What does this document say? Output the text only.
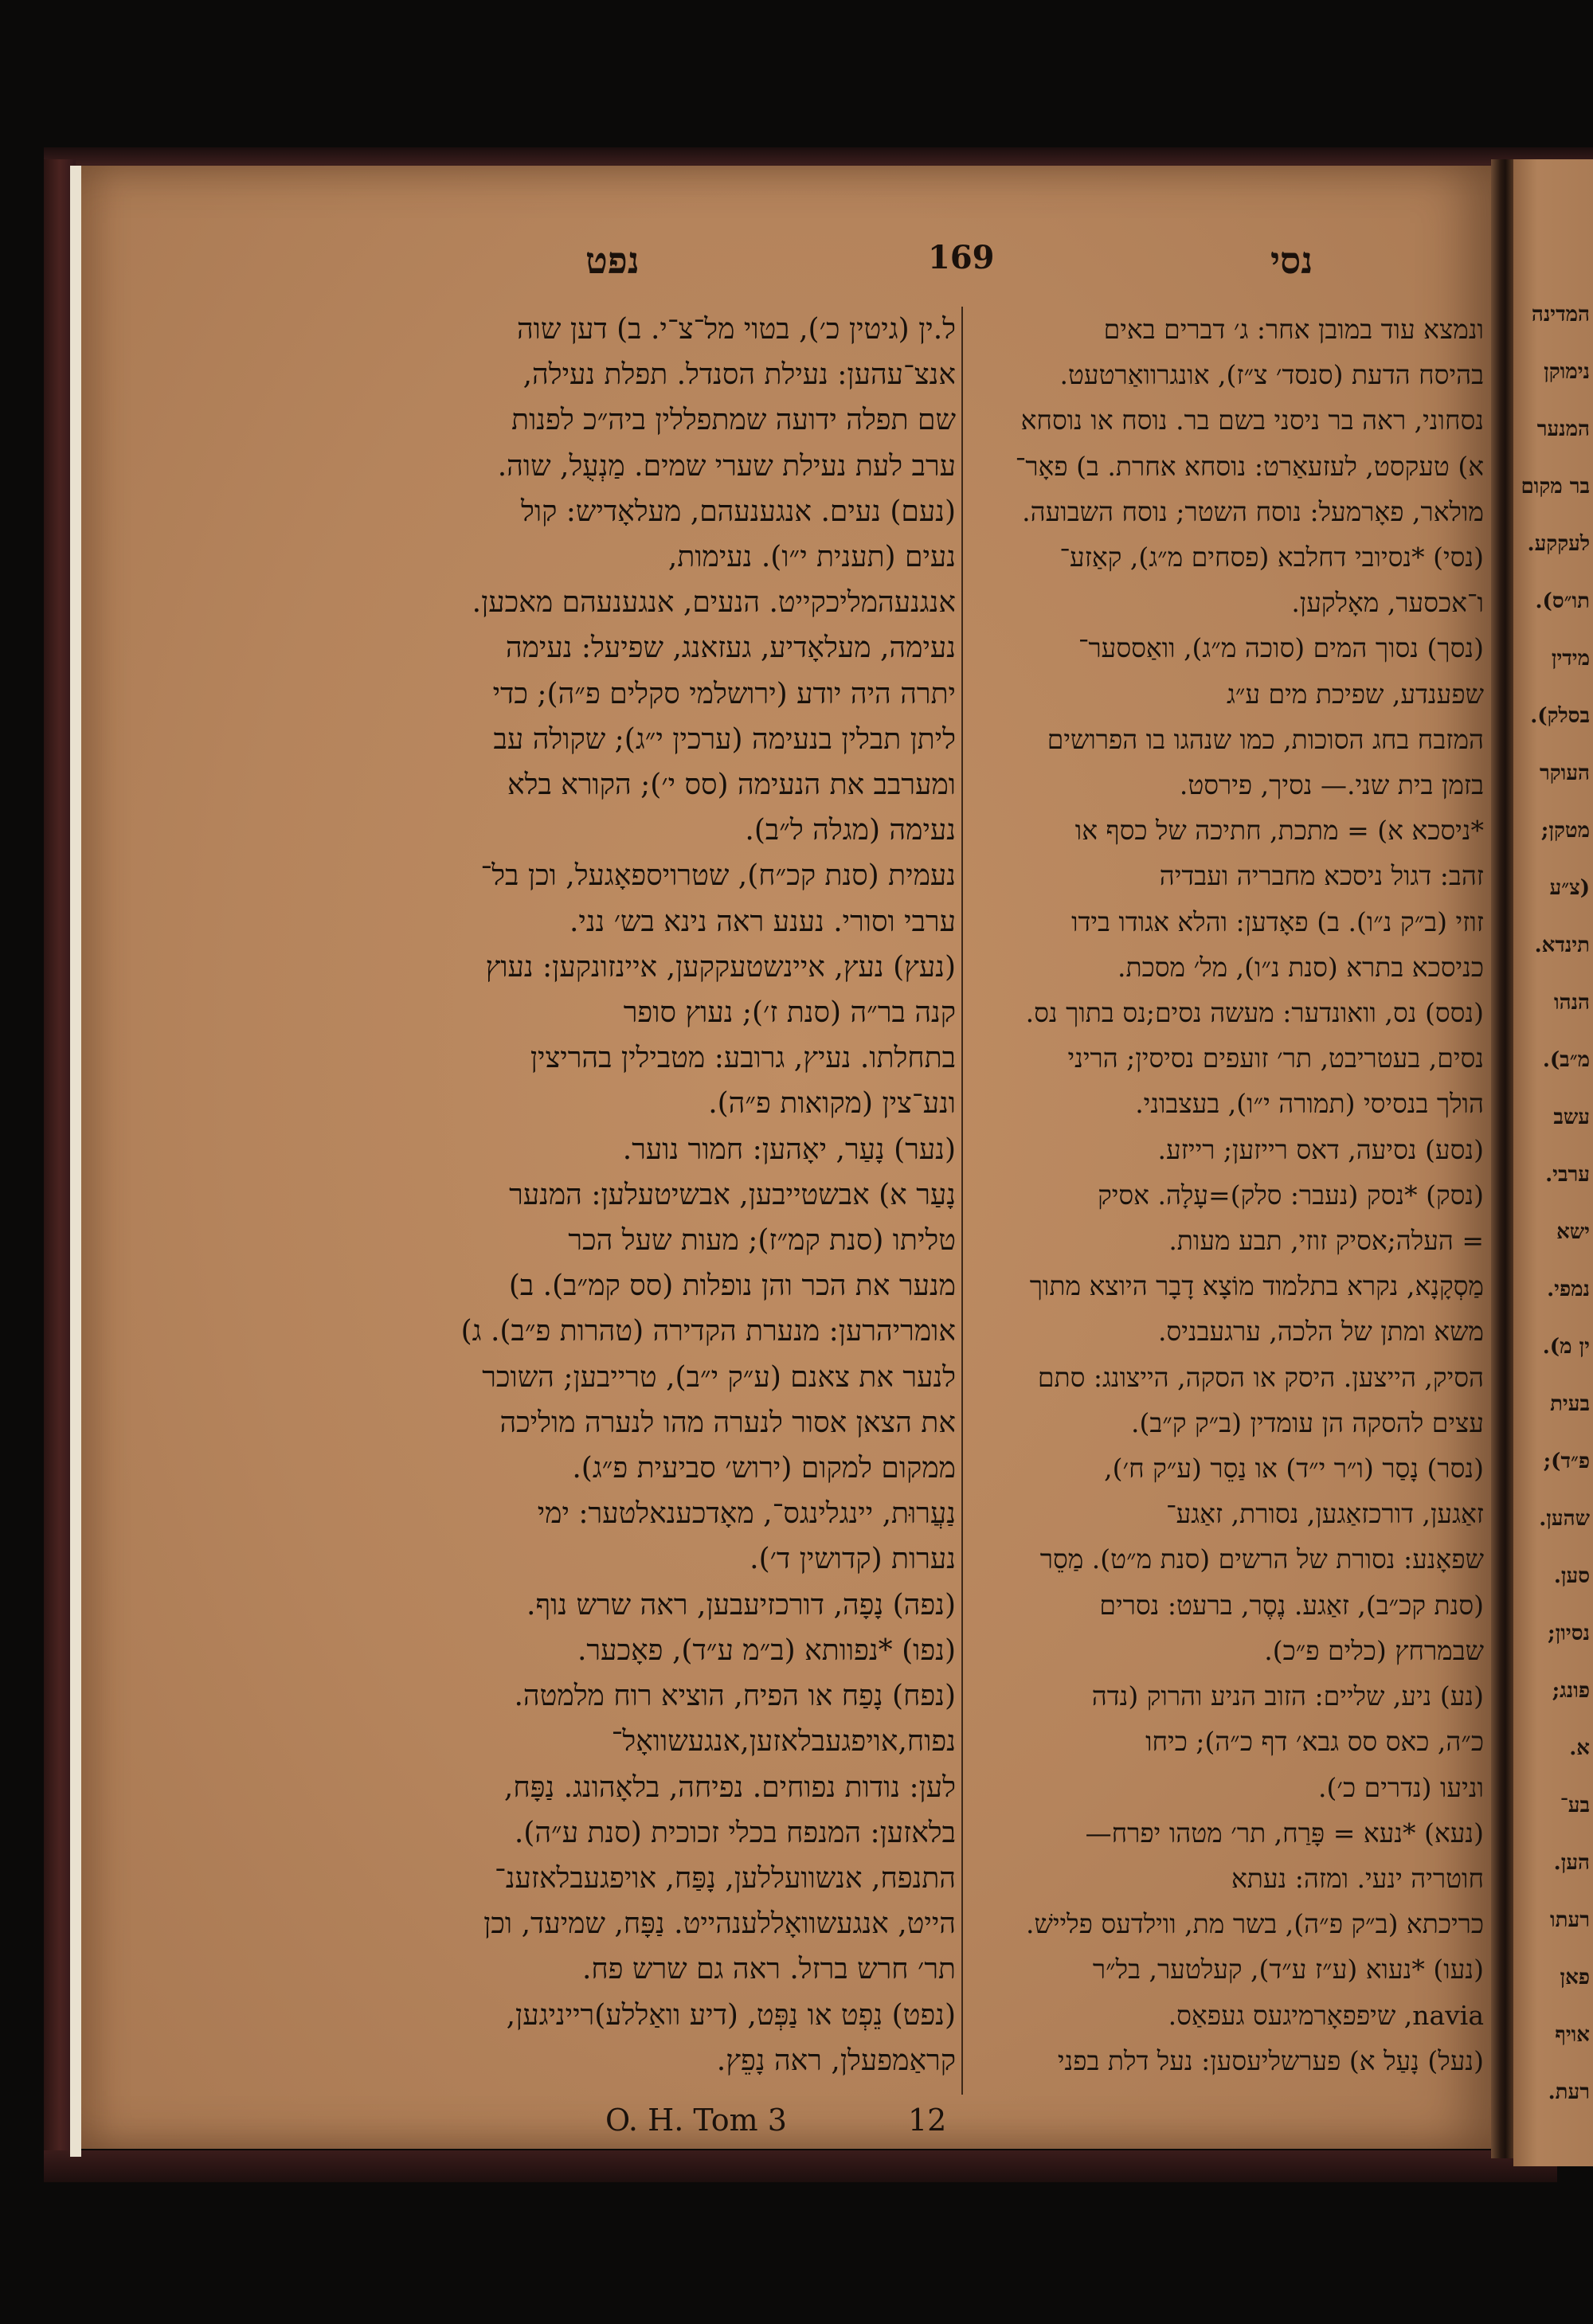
נפט	169	נסי

ל.ין (גיטין כ׳), בטוי מל־צ־י. ב) דען שוה

אנצ־עהען: נעילת הסנדל. תפלת נעילה,

שם תפלה ידועה שמתפללין ביה״כ לפנות

ערב לעת נעילת שערי שמים. מַנְעֻל, שוה.

(נעם) נעים. אנגענעהם, מעלאָדיש: קול

נעים (תענית י״ו). נעימות,

אנגנעהמליכקייט. הנעים, אנגענעהם מאכען.

נעימה, מעלאָדיע, געזאנג, שפיעל: נעימה

יתרה היה יודע (ירושלמי סקלים פ״ה); כדי

ליתן תבלין בנעימה (ערכין י״ג); שקולה עב

ומערבב את הנעימה (סס י׳); הקורא בלא

נעימה (מגלה ל״ב).

נעמית (סנת קכ״ח), שטרויספאָגעל, וכן בל־

ערבי וסורי. נענע ראה נינא בש׳ נני.

(נעץ) נעץ, איינשטעקקען, איינזונקען: נעוץ

קנה בר״ה (סנת ז׳); נעוץ סופר

בתחלתו. נעיץ, גרובע: מטבילין בהריצין

ונע־צין (מקואות פ״ה).

(נער) נָעַר, יאָהען: חמור נוער.

נָעַר א) אבשטייבען, אבשיטעלען: המנער

טליתו (סנת קמ״ז); מעות שעל הכר

מנער את הכר והן נופלות (סס קמ״ב). ב)

אומריהרען: מנערת הקדירה (טהרות פ״ב). ג)

לנער את צאנם (ע״ק י״ב), טרייבען; השוכר

את הצאן אסור לנערה מהו לנערה מוליכה

ממקום למקום (ירוש׳ סביעית פ״ג).

נַעֲרוּת, יינגלינגס־, מאָדכענאלטער: ימי

נערות (קדושין ד׳).

(נפה) נָפָה, דורכזיעבען, ראה שרש נוף.

(נפו) *נפוותא (ב״מ ע״ד), פאָכער.

(נפח) נָפַח או הפיח, הוציא רוח מלמטה.

נפוח,אויפגעבלאזען,אנגעשוואָל־

לען: נודות נפוחים. נפיחה, בלאָהונג. נַפָּח,

בלאזען: המנפח בכלי זכוכית (סנת ע״ה).

התנפח, אנשוועללען, נָפַּח, אויפגעבלאזענ־

הייט, אנגעשוואָללענהייט. נַפָּח, שמיעד, וכן

תר׳ חרש ברזל. ראה גם שרש פח.

(נפט) נֵפְט או נַפְּט, (דיע וואַללע)רייניגען,

קראַמפעלן, ראה נָפֵץ.

ונמצא עוד במובן אחר: ג׳ דברים באים

בהיסח הדעת (סנסד׳ צ״ז), אונגרוואַרטעט.

נסחוני, ראה בר ניסני בשם בר. נוסח או נוסחא

א) טעקסט, לעזעאַרט: נוסחא אחרת. ב) פאָר־

מולאר, פאָרמעל: נוסח השטר; נוסח השבועה.

(נסי) *נסיובי דחלבא (פסחים מ״ג), קאַזע־

ו־אכסער, מאָלקען.

(נסך) נסוך המים (סוכה מ״ג), וואַססער־

שפענדע, שפיכת מים ע״ג

המזבח בחג הסוכות, כמו שנהגו בו הפרושים

בזמן בית שני.— נסיך, פירסט.

*ניסכא א) = מתכת, חתיכה של כסף או

זהב: דגול ניסכא מחבריה ועבדיה

זוזי (ב״ק נ״ו). ב) פאָדען: והלא אגודו בידו

כניסכא בתרא (סנת נ״ו), מל׳ מסכת.

(נסס) נס, וואונדער: מעשה נסים;נס בתוך נס.

נסים, בעטריבט, תר׳ זועפים נסיסין; הריני

הולך בנסיסי (תמורה י״ו), בעצבוני.

(נסע) נסיעה, דאס רייזען; רייזע.

(נסק) *נסק (נעבר: סלק)=עָלָה. אסיק

= העלה;אסיק זוזי, תבע מעות.

מַסְקָנָא, נקרא בתלמוד מוֹצָא דָבָר היוצא מתוך

משא ומתן של הלכה, ערגעבניס.

הסיק, הייצען. היסק או הסקה, הייצונג: סתם

עצים להסקה הן עומדין (ב״ק ק״ב).

(נסר) נָסַר (ו״ר י״ד) או נַסֵר (ע״ק ח׳),

זאַגען, דורכזאַגען, נסורת, זאַגע־

שפאָנע: נסורת של הרשים (סנת מ״ט). מַסֵר

(סנת קכ״ב), זאַגע. נֶסֶר, ברעט: נסרים

שבמרחץ (כלים פ״כ).

(נע) ניע, שליים: הזוב הניע והרוק (נדה

כ״ה, כאס סס גבא׳ דף כ״ה); כיחו

וניעו (נדרים כ׳).

(נעא) *נעא = פָּרַח, תר׳ מטהו יפרח—

חוטריה ינעי. ומזה: נעתא

כריכתא (ב״ק פ״ה), בשר מת, ווילדעס פליישׁ.

(נעו) *נעוא (ע״ז ע״ד), קעלטער, בל״ר

navia, שיפפאָרמיגעס געפאַס.

(נעל) נָעַל א) פערשליעסען: נעל דלת בפני

O. H. Tom 3	12
המדינה
נימוקן
המנער
בר מקום
לעקקע.
תו״ס).
מידין
בסלק).
העוקר
מטקן;
(צ״ע
תינדא.
הנהו
מ״ב).
עשב
ערבי.
ישא
נמפי.
ין מ).
בעית
פ״ד);
שהען.
סען.
נסיון;
פונג;
א.
בע־
הען.
רעתו
פאן
אויף
רעת.
